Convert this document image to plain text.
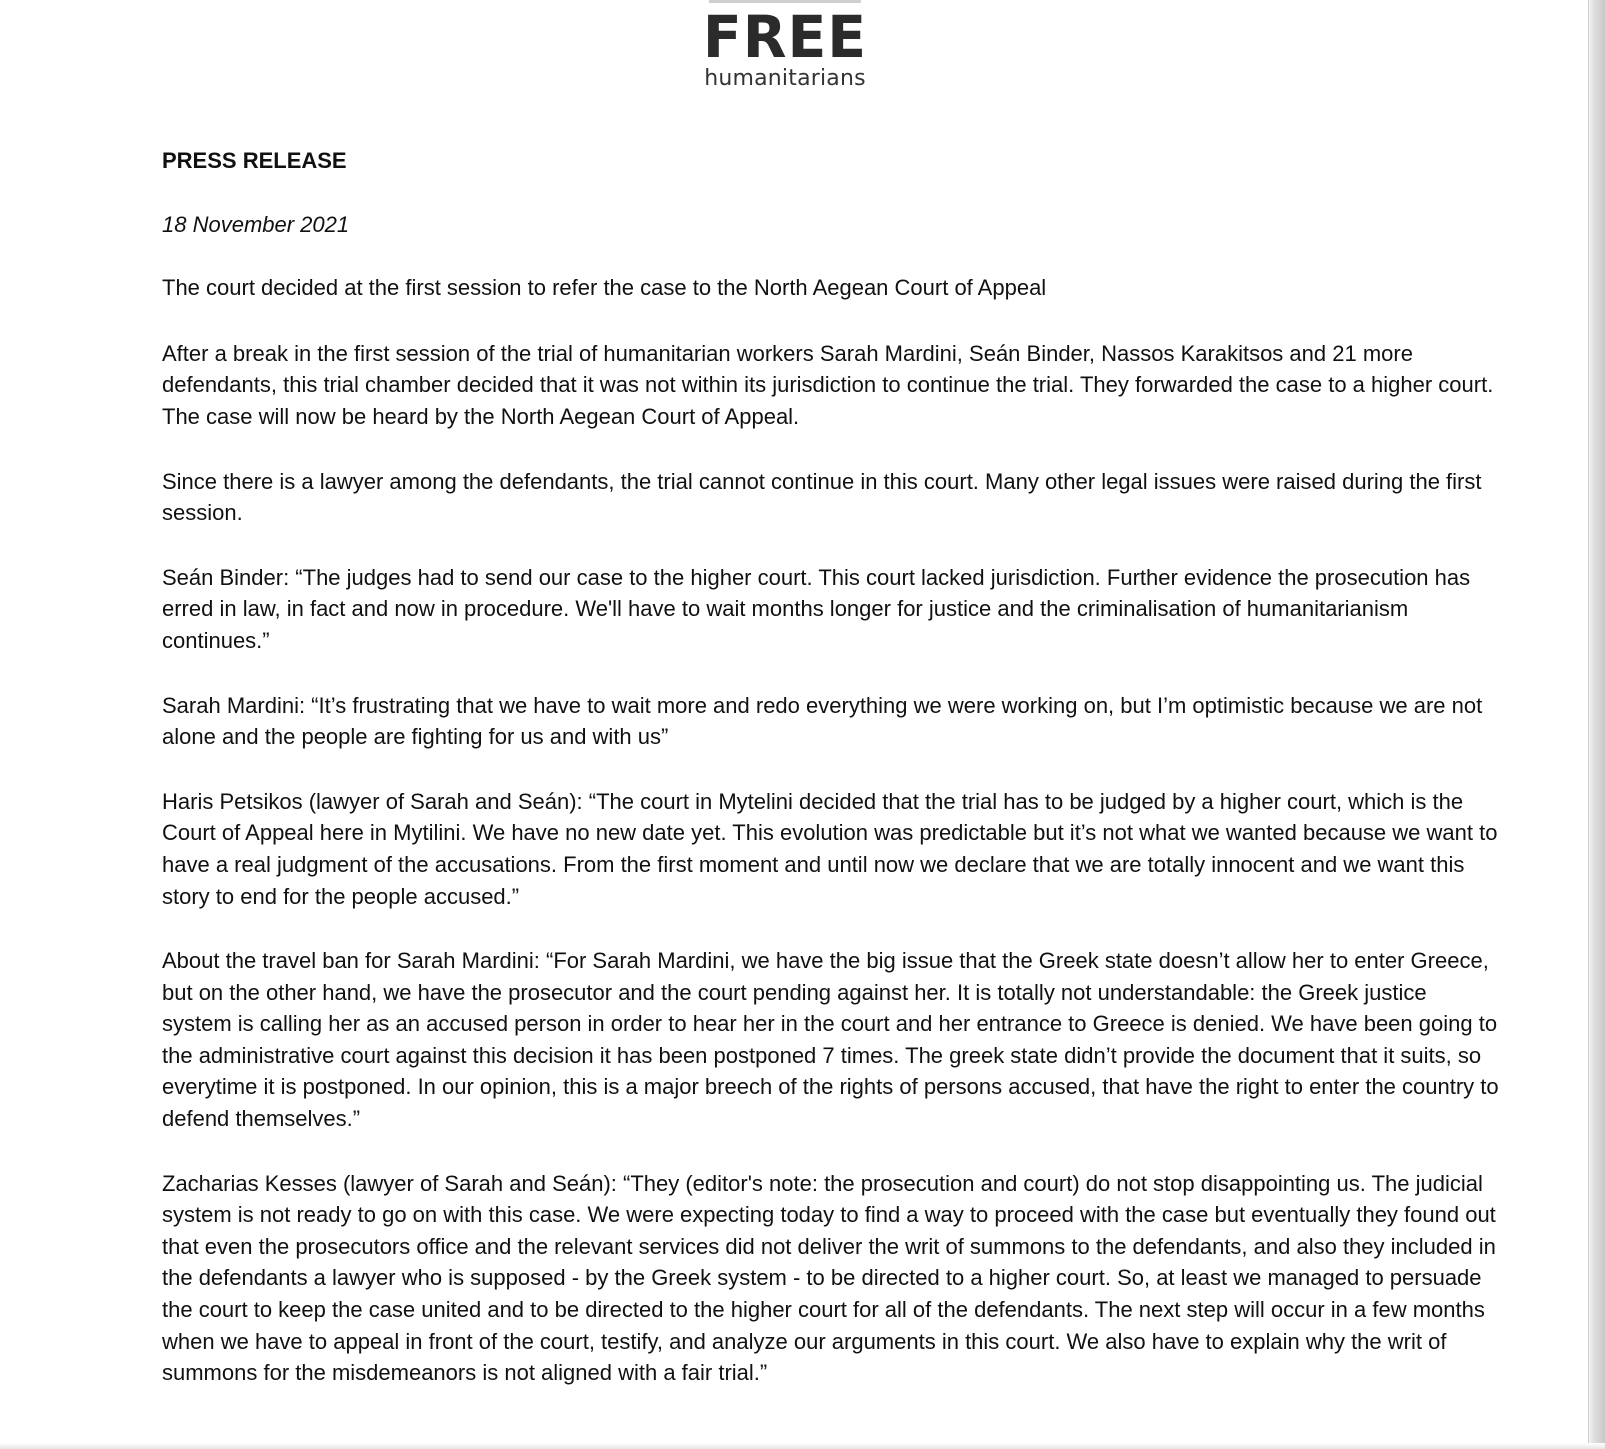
FREE
humanitarians

PRESS RELEASE

18 November 2021

The court decided at the first session to refer the case to the North Aegean Court of Appeal

After a break in the first session of the trial of humanitarian workers Sarah Mardini, Seán Binder, Nassos Karakitsos and 21 more defendants, this trial chamber decided that it was not within its jurisdiction to continue the trial. They forwarded the case to a higher court. The case will now be heard by the North Aegean Court of Appeal.

Since there is a lawyer among the defendants, the trial cannot continue in this court. Many other legal issues were raised during the first session.

Seán Binder: “The judges had to send our case to the higher court. This court lacked jurisdiction. Further evidence the prosecution has erred in law, in fact and now in procedure. We'll have to wait months longer for justice and the criminalisation of humanitarianism continues.”

Sarah Mardini: “It’s frustrating that we have to wait more and redo everything we were working on, but I’m optimistic because we are not alone and the people are fighting for us and with us”

Haris Petsikos (lawyer of Sarah and Seán): “The court in Mytelini decided that the trial has to be judged by a higher court, which is the Court of Appeal here in Mytilini. We have no new date yet. This evolution was predictable but it’s not what we wanted because we want to have a real judgment of the accusations. From the first moment and until now we declare that we are totally innocent and we want this story to end for the people accused.”

About the travel ban for Sarah Mardini: “For Sarah Mardini, we have the big issue that the Greek state doesn’t allow her to enter Greece, but on the other hand, we have the prosecutor and the court pending against her. It is totally not understandable: the Greek justice system is calling her as an accused person in order to hear her in the court and her entrance to Greece is denied. We have been going to the administrative court against this decision it has been postponed 7 times. The greek state didn’t provide the document that it suits, so everytime it is postponed. In our opinion, this is a major breech of the rights of persons accused, that have the right to enter the country to defend themselves.”

Zacharias Kesses (lawyer of Sarah and Seán): “They (editor's note: the prosecution and court) do not stop disappointing us. The judicial system is not ready to go on with this case. We were expecting today to find a way to proceed with the case but eventually they found out that even the prosecutors office and the relevant services did not deliver the writ of summons to the defendants, and also they included in the defendants a lawyer who is supposed - by the Greek system - to be directed to a higher court. So, at least we managed to persuade the court to keep the case united and to be directed to the higher court for all of the defendants. The next step will occur in a few months when we have to appeal in front of the court, testify, and analyze our arguments in this court. We also have to explain why the writ of summons for the misdemeanors is not aligned with a fair trial.”
